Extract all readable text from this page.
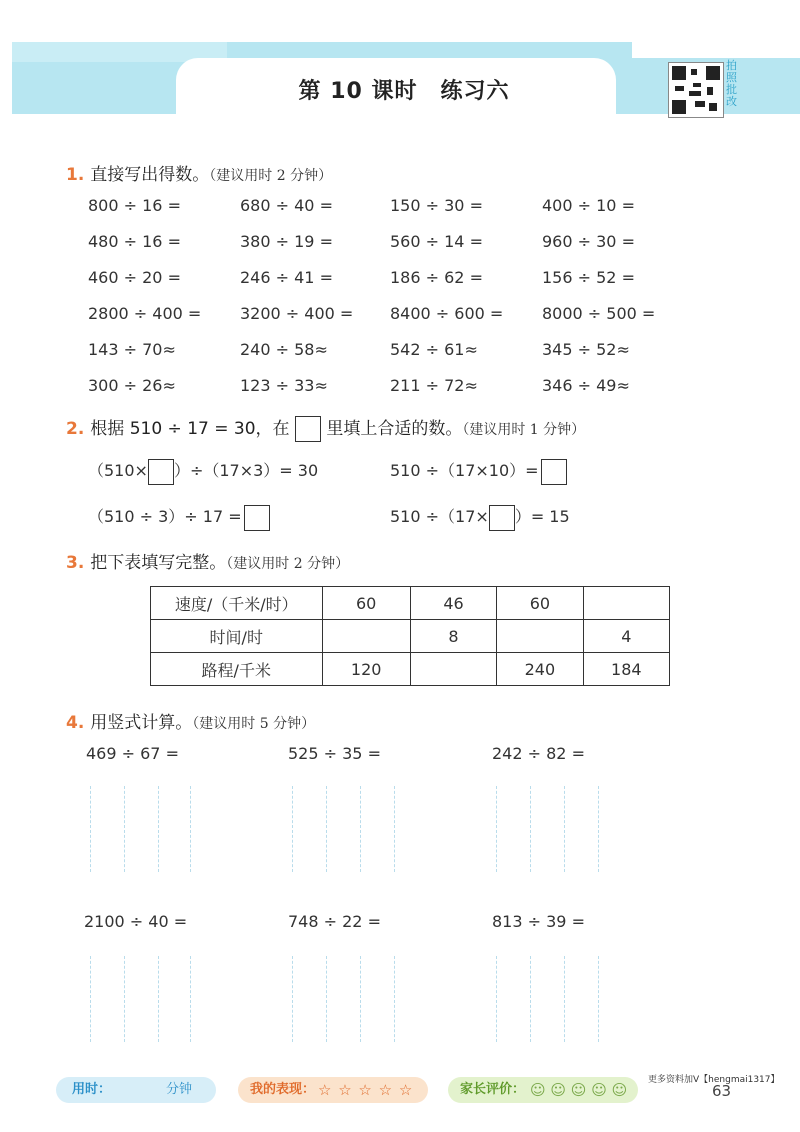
第 10 课时　练习六
拍
照
批
改
1. 直接写出得数。（建议用时 2 分钟）
800 ÷ 16 =	680 ÷ 40 =	150 ÷ 30 =	400 ÷ 10 =
480 ÷ 16 =	380 ÷ 19 =	560 ÷ 14 =	960 ÷ 30 =
460 ÷ 20 =	246 ÷ 41 =	186 ÷ 62 =	156 ÷ 52 =
2800 ÷ 400 = 3200 ÷ 400 = 8400 ÷ 600 = 8000 ÷ 500 =
143 ÷ 70≈	240 ÷ 58≈	542 ÷ 61≈	345 ÷ 52≈
300 ÷ 26≈	123 ÷ 33≈	211 ÷ 72≈	346 ÷ 49≈
2. 根据 510 ÷ 17 = 30，在 里填上合适的数。（建议用时 1 分钟）
（510× ）÷（17×3）= 30	510 ÷（17×10）=
（510 ÷ 3）÷ 17 =	510 ÷（17× ）= 15
3. 把下表填写完整。（建议用时 2 分钟）
速度/（千米/时）	60	46	60	
时间/时		8		4
路程/千米	120		240	184
4. 用竖式计算。（建议用时 5 分钟）
469 ÷ 67 =	525 ÷ 35 =	242 ÷ 82 =
2100 ÷ 40 =	748 ÷ 22 =	813 ÷ 39 =
用时：	分钟	我的表现： ☆ ☆ ☆ ☆ ☆	家长评价： ☺ ☺ ☺ ☺ ☺
更多资料加V【hengmai1317】
63
